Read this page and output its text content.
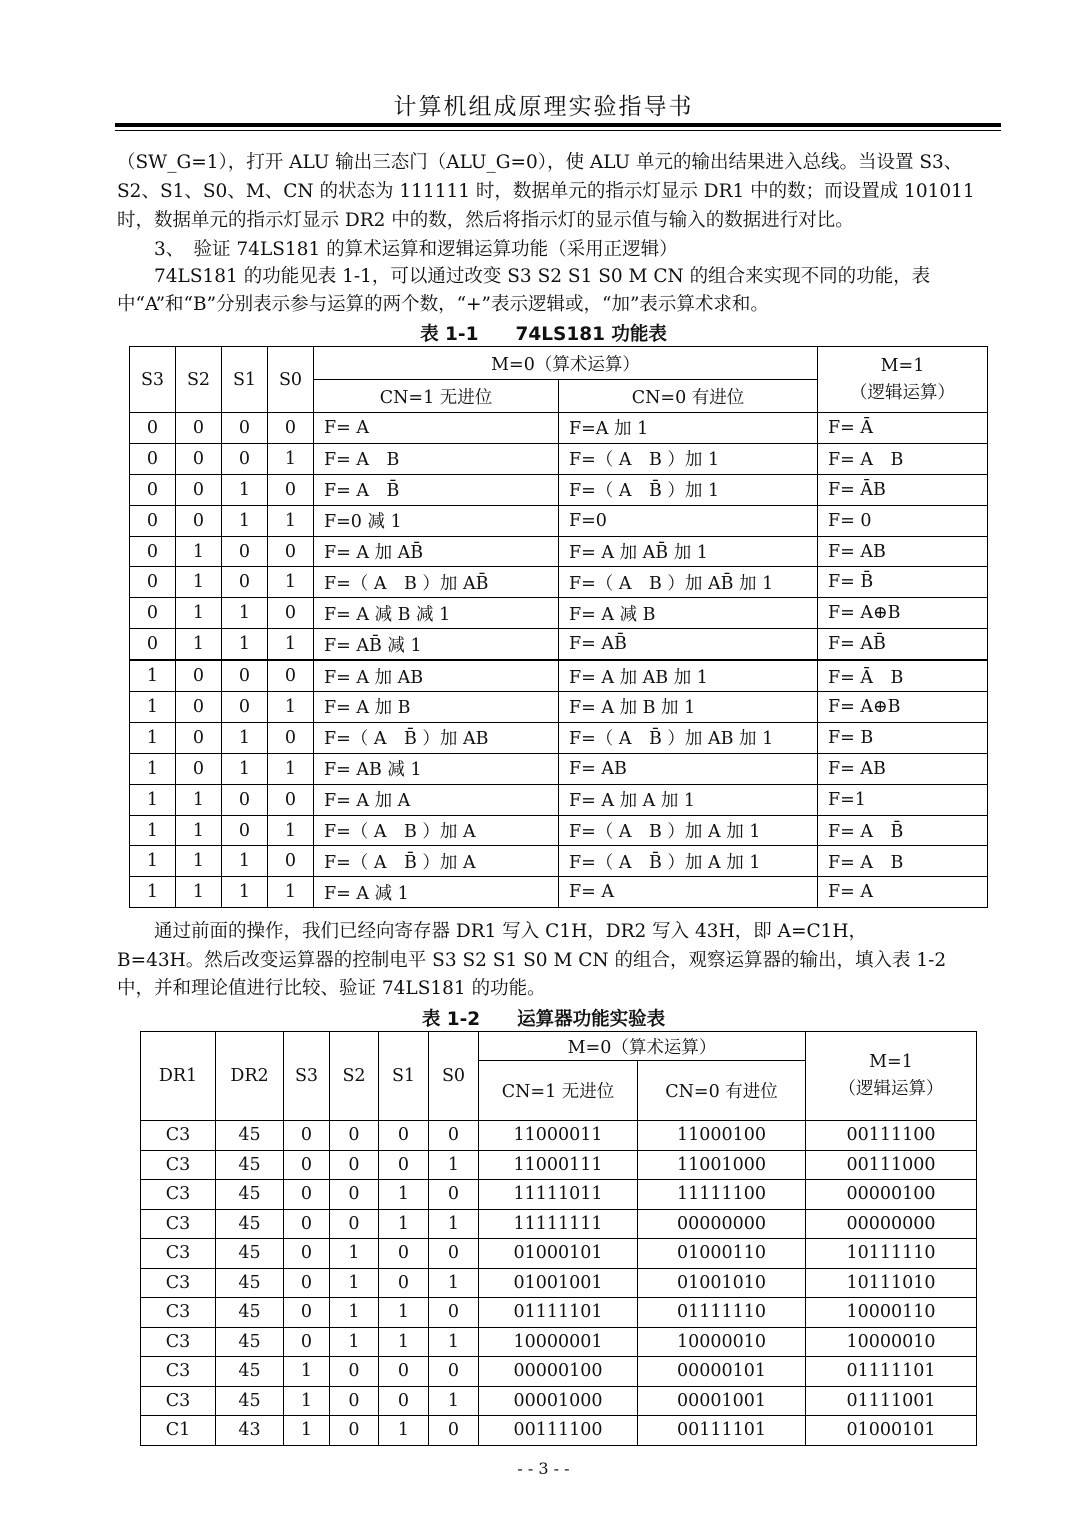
计算机组成原理实验指导书
（SW_G=1），打开 ALU 输出三态门（ALU_G=0），使 ALU 单元的输出结果进入总线。当设置 S3、
S2、S1、S0、M、CN 的状态为 111111 时，数据单元的指示灯显示 DR1 中的数；而设置成 101011
时，数据单元的指示灯显示 DR2 中的数，然后将指示灯的显示值与输入的数据进行对比。
　　3、　验证 74LS181 的算术运算和逻辑运算功能（采用正逻辑）
　　74LS181 的功能见表 1-1，可以通过改变 S3 S2 S1 S0 M CN 的组合来实现不同的功能，表
中“A”和“B”分别表示参与运算的两个数，“+”表示逻辑或，“加”表示算术求和。
表 1-1　　74LS181 功能表
S3	S2	S1	S0	M=0（算术运算）		M=1
（逻辑运算）

				CN=1 无进位	CN=0 有进位	
0	0	0	0	F= A	F=A 加 1	F= Ā
0	0	0	1	F= A　B	F=（ A　B ）加 1	F= A　B
0	0	1	0	F= A　B̄	F=（ A　B̄ ）加 1	F= ĀB
0	0	1	1	F=0 减 1	F=0	F= 0
0	1	0	0	F= A 加 AB̄	F= A 加 AB̄ 加 1	F= AB
0	1	0	1	F=（ A　B ）加 AB̄	F=（ A　B ）加 AB̄ 加 1	F= B̄
0	1	1	0	F= A 减 B 减 1	F= A 减 B	F= A⊕B
0	1	1	1	F= AB̄ 减 1	F= AB̄	F= AB̄
1	0	0	0	F= A 加 AB	F= A 加 AB 加 1	F= Ā　B
1	0	0	1	F= A 加 B	F= A 加 B 加 1	F= A⊕B
1	0	1	0	F=（ A　B̄ ）加 AB	F=（ A　B̄ ）加 AB 加 1	F= B
1	0	1	1	F= AB 减 1	F= AB	F= AB
1	1	0	0	F= A 加 A	F= A 加 A 加 1	F=1
1	1	0	1	F=（ A　B ）加 A	F=（ A　B ）加 A 加 1	F= A　B̄
1	1	1	0	F=（ A　B̄ ）加 A	F=（ A　B̄ ）加 A 加 1	F= A　B
1	1	1	1	F= A 减 1	F= A	F= A
　　通过前面的操作，我们已经向寄存器 DR1 写入 C1H，DR2 写入 43H，即 A=C1H，
B=43H。然后改变运算器的控制电平 S3 S2 S1 S0 M CN 的组合，观察运算器的输出，填入表 1-2
中，并和理论值进行比较、验证 74LS181 的功能。
表 1-2　　运算器功能实验表
DR1	DR2	S3	S2	S1	S0	M=0（算术运算）		M=1
（逻辑运算）

						CN=1 无进位	CN=0 有进位	
C3	45	0	0	0	0	11000011	11000100	00111100
C3	45	0	0	0	1	11000111	11001000	00111000
C3	45	0	0	1	0	11111011	11111100	00000100
C3	45	0	0	1	1	11111111	00000000	00000000
C3	45	0	1	0	0	01000101	01000110	10111110
C3	45	0	1	0	1	01001001	01001010	10111010
C3	45	0	1	1	0	01111101	01111110	10000110
C3	45	0	1	1	1	10000001	10000010	10000010
C3	45	1	0	0	0	00000100	00000101	01111101
C3	45	1	0	0	1	00001000	00001001	01111001
C1	43	1	0	1	0	00111100	00111101	01000101
- - 3 - -
